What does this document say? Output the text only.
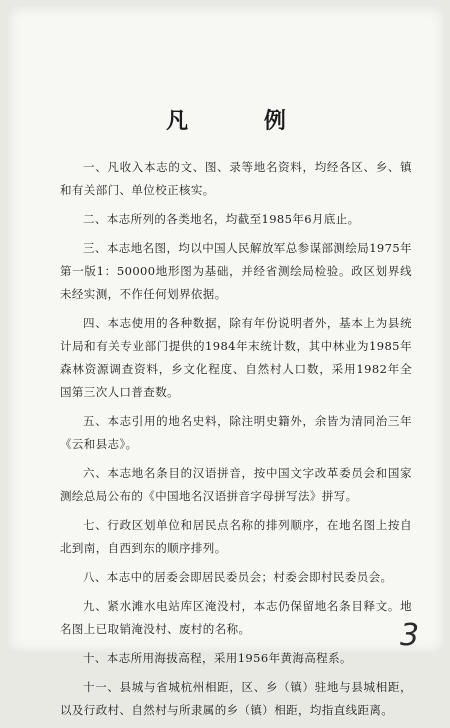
凡 例

一、凡收入本志的文、图、录等地名资料，均经各区、乡、镇和有关部门、单位校正核实。

二、本志所列的各类地名，均截至1985年6月底止。

三、本志地名图，均以中国人民解放军总参谋部测绘局1975年第一版1：50000地形图为基础，并经省测绘局检验。政区划界线未经实测，不作任何划界依据。

四、本志使用的各种数据，除有年份说明者外，基本上为县统计局和有关专业部门提供的1984年末统计数，其中林业为1985年森林资源调查资料，乡文化程度、自然村人口数，采用1982年全国第三次人口普查数。

五、本志引用的地名史料，除注明史籍外，余皆为清同治三年《云和县志》。

六、本志地名条目的汉语拼音，按中国文字改革委员会和国家测绘总局公布的《中国地名汉语拼音字母拼写法》拼写。

七、行政区划单位和居民点名称的排列顺序，在地名图上按自北到南，自西到东的顺序排列。

八、本志中的居委会即居民委员会；村委会即村民委员会。

九、紧水滩水电站库区淹没村，本志仍保留地名条目释文。地名图上已取销淹没村、废村的名称。

十、本志所用海拔高程，采用1956年黄海高程系。

十一、县城与省城杭州相距，区、乡（镇）驻地与县城相距，以及行政村、自然村与所隶属的乡（镇）相距，均指直线距离。

3
